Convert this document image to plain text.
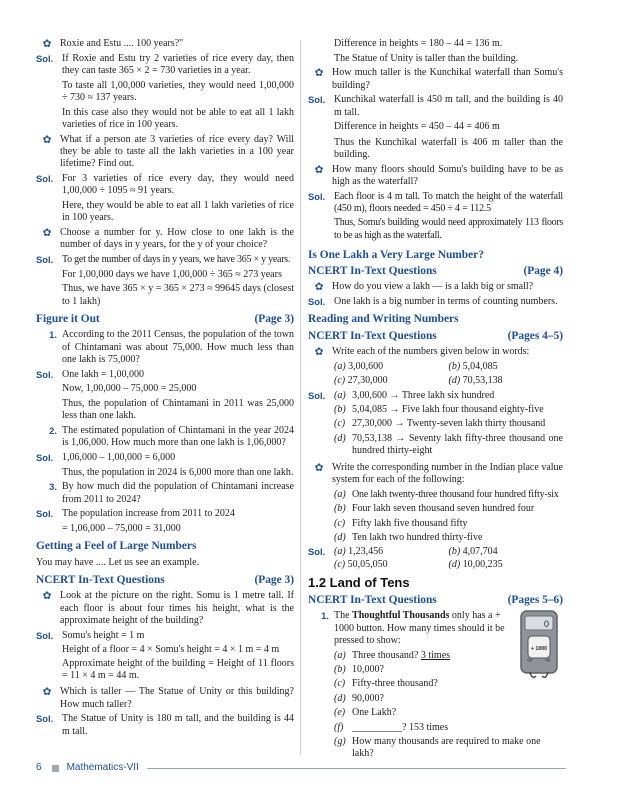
✿ Roxie and Estu .... 100 years?"
Sol. If Roxie and Estu try 2 varieties of rice every day, then they can taste 365 × 2 = 730 varieties in a year.
To taste all 1,00,000 varieties, they would need 1,00,000 ÷ 730 ≈ 137 years.
In this case also they would not be able to eat all 1 lakh varieties of rice in 100 years.
✿ What if a person ate 3 varieties of rice every day? Will they be able to taste all the lakh varieties in a 100 year lifetime? Find out.
Sol. For 3 varieties of rice every day, they would need 1,00,000 ÷ 1095 ≈ 91 years.
Here, they would be able to eat all 1 lakh varieties of rice in 100 years.
✿ Choose a number for y. How close to one lakh is the number of days in y years, for the y of your choice?
Sol. To get the number of days in y years, we have 365 × y years.
For 1,00,000 days we have 1,00,000 ÷ 365 ≈ 273 years
Thus, we have 365 × y = 365 × 273 ≈ 99645 days (closest to 1 lakh)
Figure it Out	(Page 3)
1. According to the 2011 Census, the population of the town of Chintamani was about 75,000. How much less than one lakh is 75,000?
Sol. One lakh = 1,00,000
Now, 1,00,000 – 75,000 = 25,000
Thus, the population of Chintamani in 2011 was 25,000 less than one lakh.
2. The estimated population of Chintamani in the year 2024 is 1,06,000. How much more than one lakh is 1,06,000?
Sol. 1,06,000 – 1,00,000 = 6,000
Thus, the population in 2024 is 6,000 more than one lakh.
3. By how much did the population of Chintamani increase from 2011 to 2024?
Sol. The population increase from 2011 to 2024
= 1,06,000 – 75,000 = 31,000
Getting a Feel of Large Numbers
You may have .... Let us see an example.
NCERT In-Text Questions	(Page 3)
✿ Look at the picture on the right. Somu is 1 metre tall. If each floor is about four times his height, what is the approximate height of the building?
Sol. Somu's height = 1 m

Height of a floor = 4 × Somu's height = 4 × 1 m = 4 m

Approximate height of the building = Height of 11 floors = 11 × 4 m = 44 m.

✿ Which is taller — The Statue of Unity or this building? How much taller?
Sol. The Statue of Unity is 180 m tall, and the building is 44 m tall.
Difference in heights = 180 – 44 = 136 m.
The Statue of Unity is taller than the building.
✿ How much taller is the Kunchikal waterfall than Somu's building?
Sol. Kunchikal waterfall is 450 m tall, and the building is 40 m tall.

Difference in heights = 450 – 44 = 406 m

Thus the Kunchikal waterfall is 406 m taller than the building.
✿ How many floors should Somu's building have to be as high as the waterfall?
Sol. Each floor is 4 m tall. To match the height of the waterfall (450 m), floors needed = 450 ÷ 4 = 112.5

Thus, Somu's building would need approximately 113 floors to be as high as the waterfall.

Is One Lakh a Very Large Number?
NCERT In-Text Questions	(Page 4)
✿ How do you view a lakh — is a lakh big or small?
Sol. One lakh is a big number in terms of counting numbers.
Reading and Writing Numbers
NCERT In-Text Questions	(Pages 4–5)
✿ Write each of the numbers given below in words:
(a) 3,00,600	(b) 5,04,085
(c) 27,30,000	(d) 70,53,138
Sol. (a) 3,00,600 → Three lakh six hundred
(b) 5,04,085 → Five lakh four thousand eighty-five
(c) 27,30,000 → Twenty-seven lakh thirty thousand
(d) 70,53,138 → Seventy lakh fifty-three thousand one hundred thirty-eight
✿ Write the corresponding number in the Indian place value system for each of the following:
(a) One lakh twenty-three thousand four hundred fifty-six
(b) Four lakh seven thousand seven hundred four
(c) Fifty lakh five thousand fifty
(d) Ten lakh two hundred thirty-five
Sol. (a) 1,23,456	(b) 4,07,704
(c) 50,05,050	(d) 10,00,235
1.2 Land of Tens
NCERT In-Text Questions	(Pages 5–6)
1. The Thoughtful Thousands only has a + 1000 button. How many times should it be pressed to show:
(a) Three thousand? 3 times
(b) 10,000?
(c) Fifty-three thousand?
(d) 90,000?
(e) One Lakh?
(f) __________? 153 times
(g) How many thousands are required to make one lakh?
0
+ 1000
6	Mathematics-VII
